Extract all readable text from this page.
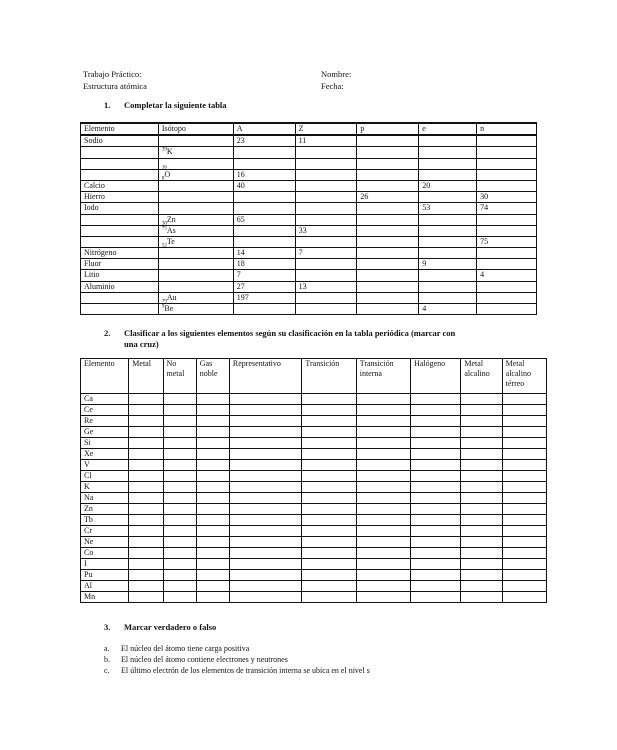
Trabajo Práctico:
Estructura atómica
Nombre:
Fecha:
1. Completar la siguiente tabla
Elemento	Isótopo	A	Z	p	e	n
Sodio		23	11			
	$^{39}$K					
	$_{16}$					
	$_8$O	16				
Calcio		40			20	
Hierro				26		30
Iodo					53	74
	$_{30}$Zn	65				
	$^{75}$As		33			
	$_{52}$Te					75
Nitrógeno		14	7			
Fluor		18			9	
Litio		7				4
Aluminio		27	13			
	$_{79}$Au	197				
	$^9$Be				4	
2. Clasificar a los siguientes elementos según su clasificación en la tabla periódica (marcar con
una cruz)
Elemento	Metal	No metal	Gas noble	Representativo	Transición	Transición interna	Halógeno	Metal alcalino	Metal alcalino térreo
Ca									
Ce									
Re									
Ge									
Si									
Xe									
V									
Cl									
K									
Na									
Zn									
Tb									
Cr									
Ne									
Co									
I									
Pu									
Al									
Mn									
3. Marcar verdadero o falso
a. El núcleo del átomo tiene carga positiva
b. El núcleo del átomo contiene electrones y neutrones
c. El último electrón de los elementos de transición interna se ubica en el nivel s
